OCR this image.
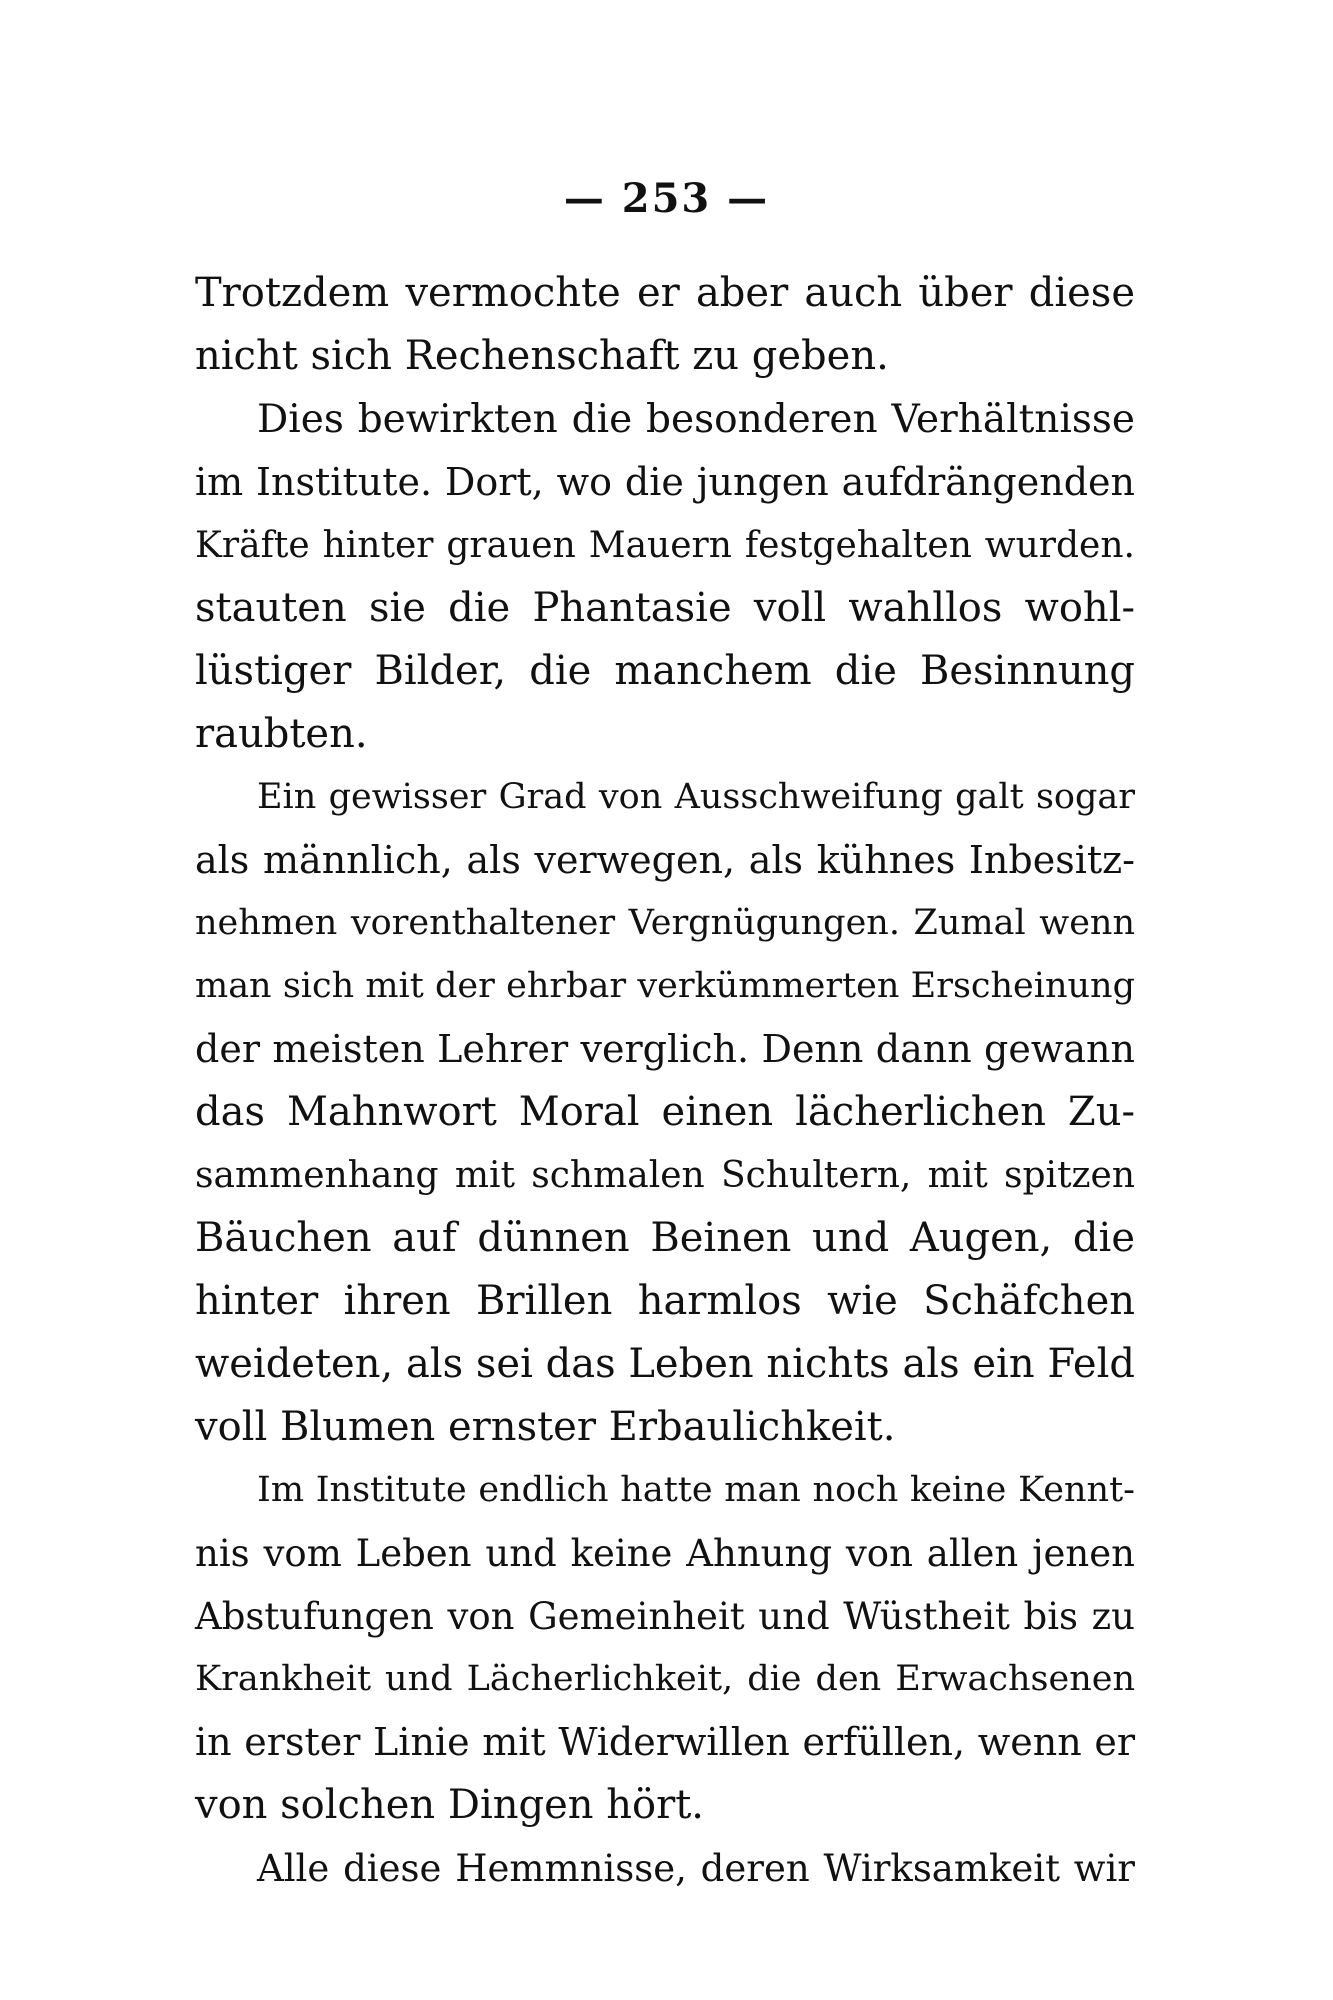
— 253 —
Trotzdem vermochte er aber auch über diese
nicht sich Rechenschaft zu geben.
Dies bewirkten die besonderen Verhältnisse
im Institute. Dort, wo die jungen aufdrängenden
Kräfte hinter grauen Mauern festgehalten wurden.
stauten sie die Phantasie voll wahllos wohl-
lüstiger Bilder, die manchem die Besinnung
raubten.
Ein gewisser Grad von Ausschweifung galt sogar
als männlich, als verwegen, als kühnes Inbesitz-
nehmen vorenthaltener Vergnügungen. Zumal wenn
man sich mit der ehrbar verkümmerten Erscheinung
der meisten Lehrer verglich. Denn dann gewann
das Mahnwort Moral einen lächerlichen Zu-
sammenhang mit schmalen Schultern, mit spitzen
Bäuchen auf dünnen Beinen und Augen, die
hinter ihren Brillen harmlos wie Schäfchen
weideten, als sei das Leben nichts als ein Feld
voll Blumen ernster Erbaulichkeit.
Im Institute endlich hatte man noch keine Kennt-
nis vom Leben und keine Ahnung von allen jenen
Abstufungen von Gemeinheit und Wüstheit bis zu
Krankheit und Lächerlichkeit, die den Erwachsenen
in erster Linie mit Widerwillen erfüllen, wenn er
von solchen Dingen hört.
Alle diese Hemmnisse, deren Wirksamkeit wir
